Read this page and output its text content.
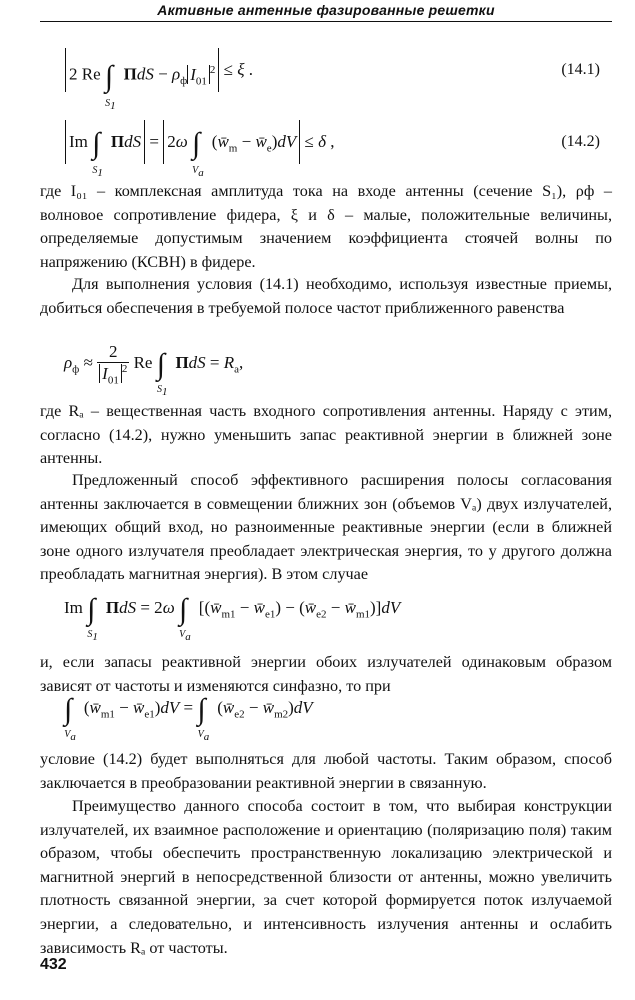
Активные антенные фазированные решетки
2 Re $\int_{S_1}\Pi dS - \rho_ф$ $I_{01}^2 \le \xi$ .	(14.1)
Im $\int_{S_1}\Pi dS = 2\omega$ $\int_{V_a}(w̄_m$ − $w̄_e)dV \le \delta$ ,	(14.2)

где I₀₁ – комплексная амплитуда тока на входе антенны (сечение S₁), ρф – волновое сопротивление фидера, ξ и δ – малые, положительные величины, определяемые допустимым значением коэффициента стоячей волны по напряжению (КСВН) в фидере.

Для выполнения условия (14.1) необходимо, используя известные приемы, добиться обеспечения в требуемой полосе частот приближенного равенства

$\rho_ф \approx \frac{2}{I_{01}^2}$ Re $\int_{S_1}\Pi dS = R_a$,

где Rₐ – вещественная часть входного сопротивления антенны. Наряду с этим, согласно (14.2), нужно уменьшить запас реактивной энергии в ближней зоне антенны.

Предложенный способ эффективного расширения полосы согласования антенны заключается в совмещении ближних зон (объемов Vₐ) двух излучателей, имеющих общий вход, но разноименные реактивные энергии (если в ближней зоне одного излучателя преобладает электрическая энергия, то у другого должна преобладать магнитная энергия). В этом случае

Im $\int_{S_1}\Pi dS = 2\omega$ $\int_{V_a}[(w̄_{m1}$ − $w̄_{e1}$) − ($w̄_{e2}$ − $w̄_{m1})]dV$

и, если запасы реактивной энергии обоих излучателей одинаковым образом зависят от частоты и изменяются синфазно, то при

$\int_{V_a}(w̄_{m1}$ − $w̄_{e1})dV$ = $\int_{V_a}(w̄_{e2}$ − $w̄_{m2})dV$

условие (14.2) будет выполняться для любой частоты. Таким образом, способ заключается в преобразовании реактивной энергии в связанную.

Преимущество данного способа состоит в том, что выбирая конструкции излучателей, их взаимное расположение и ориентацию (поляризацию поля) таким образом, чтобы обеспечить пространственную локализацию электрической и магнитной энергий в непосредственной близости от антенны, можно увеличить плотность связанной энергии, за счет которой формируется поток излучаемой энергии, а следовательно, и интенсивность излучения антенны и ослабить зависимость Rₐ от частоты.

432
